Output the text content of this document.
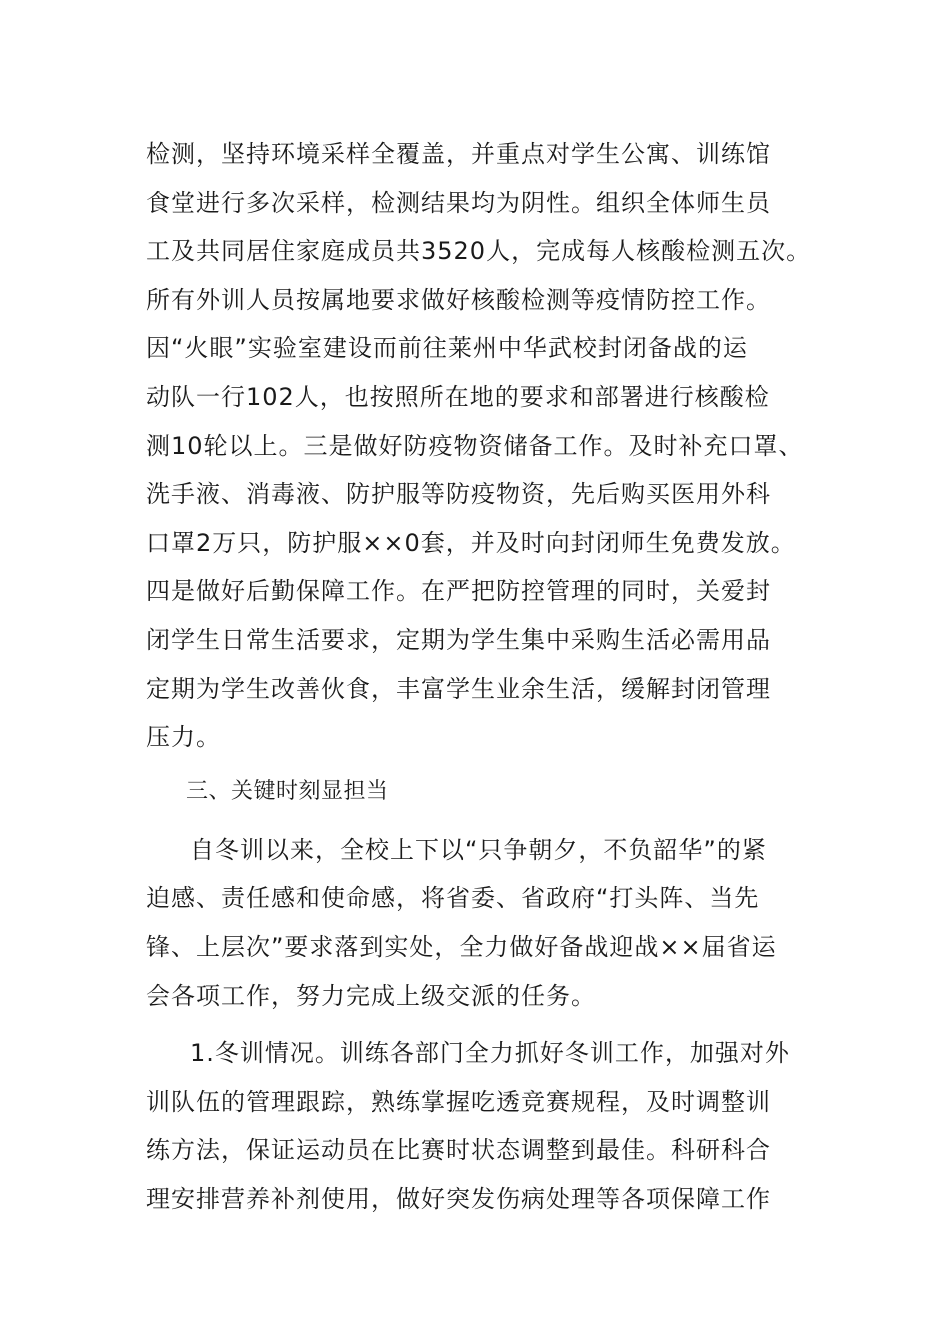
检测，坚持环境采样全覆盖，并重点对学生公寓、训练馆
食堂进行多次采样，检测结果均为阴性。组织全体师生员
工及共同居住家庭成员共3520人，完成每人核酸检测五次。
所有外训人员按属地要求做好核酸检测等疫情防控工作。
因“火眼”实验室建设而前往莱州中华武校封闭备战的运
动队一行102人，也按照所在地的要求和部署进行核酸检
测10轮以上。三是做好防疫物资储备工作。及时补充口罩、
洗手液、消毒液、防护服等防疫物资，先后购买医用外科
口罩2万只，防护服××0套，并及时向封闭师生免费发放。
四是做好后勤保障工作。在严把防控管理的同时，关爱封
闭学生日常生活要求，定期为学生集中采购生活必需用品
定期为学生改善伙食，丰富学生业余生活，缓解封闭管理
压力。
三、关键时刻显担当
自冬训以来，全校上下以“只争朝夕，不负韶华”的紧
迫感、责任感和使命感，将省委、省政府“打头阵、当先
锋、上层次”要求落到实处，全力做好备战迎战××届省运
会各项工作，努力完成上级交派的任务。
1.冬训情况。训练各部门全力抓好冬训工作，加强对外
训队伍的管理跟踪，熟练掌握吃透竞赛规程，及时调整训
练方法，保证运动员在比赛时状态调整到最佳。科研科合
理安排营养补剂使用，做好突发伤病处理等各项保障工作
